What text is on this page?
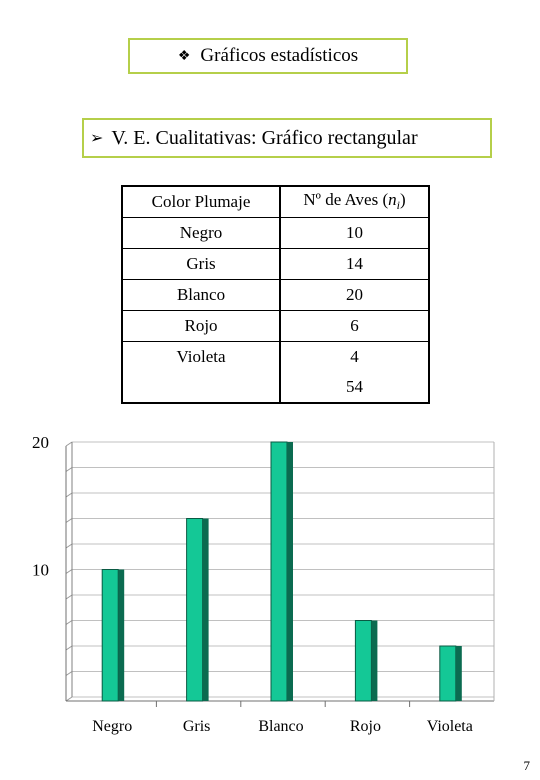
❖ Gráficos estadísticos
➢ V. E. Cualitativas: Gráfico rectangular
Color Plumaje	Nº de Aves $(n_i)$
Negro	10
Gris	14
Blanco	20
Rojo	6
Violeta	4
	54
10
20
Negro	Gris	Blanco	Rojo	Violeta
7
